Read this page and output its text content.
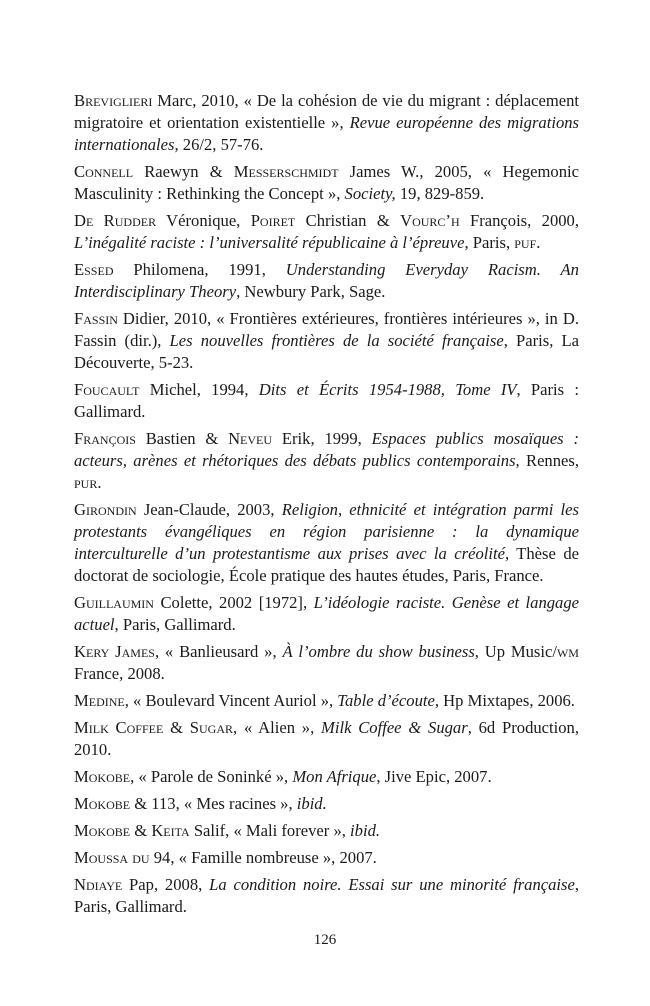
Breviglieri Marc, 2010, « De la cohésion de vie du migrant : déplacement migratoire et orientation existentielle », Revue européenne des migrations internationales, 26/2, 57-76.

Connell Raewyn & Messerschmidt James W., 2005, « Hegemonic Masculinity : Rethinking the Concept », Society, 19, 829-859.

De Rudder Véronique, Poiret Christian & Vourc’h François, 2000, L’inégalité raciste : l’universalité républicaine à l’épreuve, Paris, puf.

Essed Philomena, 1991, Understanding Everyday Racism. An Interdisciplinary Theory, Newbury Park, Sage.

Fassin Didier, 2010, « Frontières extérieures, frontières intérieures », in D. Fassin (dir.), Les nouvelles frontières de la société française, Paris, La Découverte, 5-23.

Foucault Michel, 1994, Dits et Écrits 1954-1988, Tome IV, Paris : Gallimard.

François Bastien & Neveu Erik, 1999, Espaces publics mosaïques : acteurs, arènes et rhétoriques des débats publics contemporains, Rennes, pur.

Girondin Jean-Claude, 2003, Religion, ethnicité et intégration parmi les protestants évangéliques en région parisienne : la dynamique interculturelle d’un protestantisme aux prises avec la créolité, Thèse de doctorat de sociologie, École pratique des hautes études, Paris, France.

Guillaumin Colette, 2002 [1972], L’idéologie raciste. Genèse et langage actuel, Paris, Gallimard.

Kery James, « Banlieusard », À l’ombre du show business, Up Music/wm France, 2008.

Medine, « Boulevard Vincent Auriol », Table d’écoute, Hp Mixtapes, 2006.

Milk Coffee & Sugar, « Alien », Milk Coffee & Sugar, 6d Production, 2010.

Mokobe, « Parole de Soninké », Mon Afrique, Jive Epic, 2007.

Mokobe & 113, « Mes racines », ibid.

Mokobe & Keita Salif, « Mali forever », ibid.

Moussa du 94, « Famille nombreuse », 2007.

Ndiaye Pap, 2008, La condition noire. Essai sur une minorité française, Paris, Gallimard.

126
